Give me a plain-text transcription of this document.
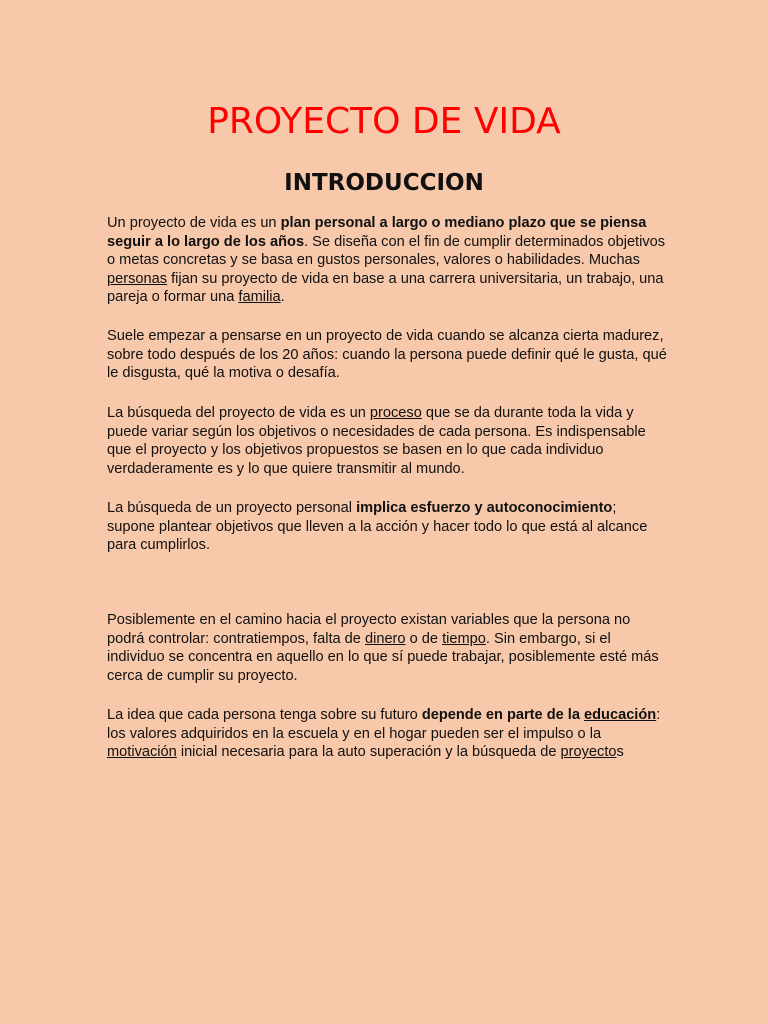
PROYECTO DE VIDA
INTRODUCCION

Un proyecto de vida es un plan personal a largo o mediano plazo que se piensa seguir a lo largo de los años. Se diseña con el fin de cumplir determinados objetivos o metas concretas y se basa en gustos personales, valores o habilidades. Muchas personas fijan su proyecto de vida en base a una carrera universitaria, un trabajo, una pareja o formar una familia.

Suele empezar a pensarse en un proyecto de vida cuando se alcanza cierta madurez, sobre todo después de los 20 años: cuando la persona puede definir qué le gusta, qué le disgusta, qué la motiva o desafía.

La búsqueda del proyecto de vida es un proceso que se da durante toda la vida y puede variar según los objetivos o necesidades de cada persona. Es indispensable que el proyecto y los objetivos propuestos se basen en lo que cada individuo verdaderamente es y lo que quiere transmitir al mundo.

La búsqueda de un proyecto personal implica esfuerzo y autoconocimiento; supone plantear objetivos que lleven a la acción y hacer todo lo que está al alcance para cumplirlos.

Posiblemente en el camino hacia el proyecto existan variables que la persona no podrá controlar: contratiempos, falta de dinero o de tiempo. Sin embargo, si el individuo se concentra en aquello en lo que sí puede trabajar, posiblemente esté más cerca de cumplir su proyecto.

La idea que cada persona tenga sobre su futuro depende en parte de la educación: los valores adquiridos en la escuela y en el hogar pueden ser el impulso o la motivación inicial necesaria para la auto superación y la búsqueda de proyectos
